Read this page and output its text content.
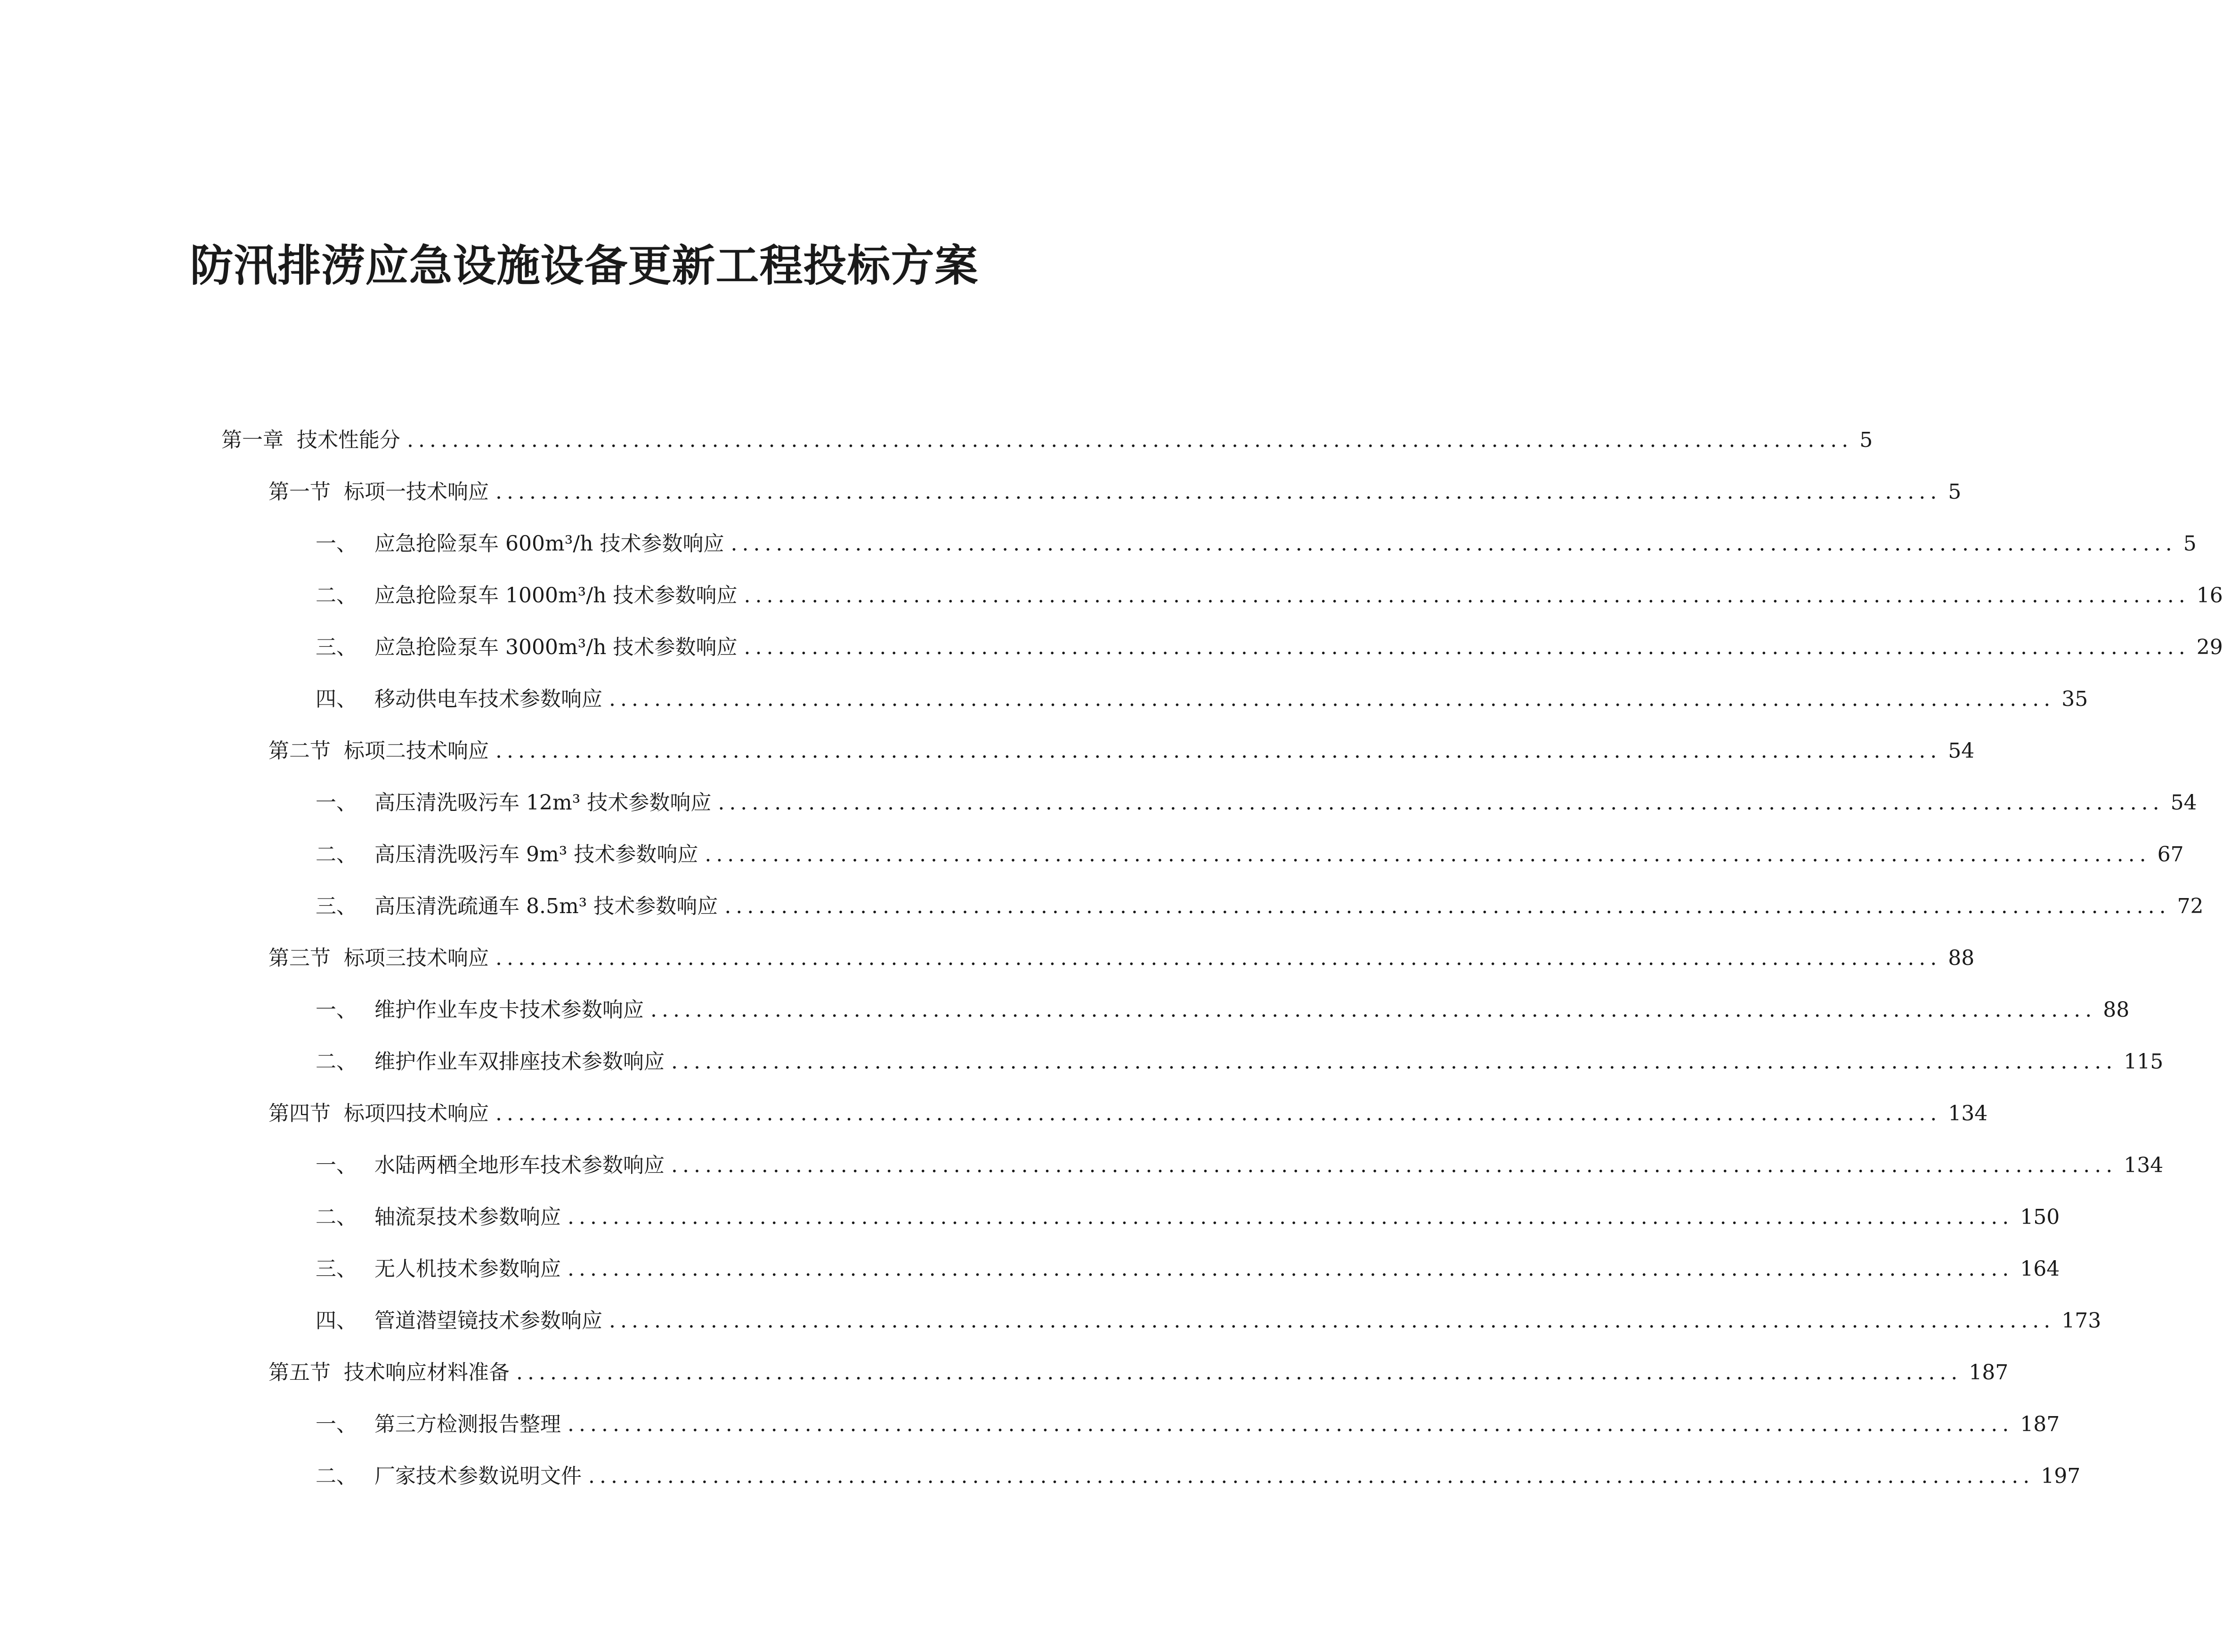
防汛排涝应急设施设备更新工程投标方案
第一章 技术性能分 ................................................................................................................................ 5
第一节 标项一技术响应 ................................................................................................................................ 5
一、 应急抢险泵车 600m³/h 技术参数响应 ................................................................................................................................ 5
二、 应急抢险泵车 1000m³/h 技术参数响应 ................................................................................................................................ 16
三、 应急抢险泵车 3000m³/h 技术参数响应 ................................................................................................................................ 29
四、 移动供电车技术参数响应 ................................................................................................................................ 35
第二节 标项二技术响应 ................................................................................................................................ 54
一、 高压清洗吸污车 12m³ 技术参数响应 ................................................................................................................................ 54
二、 高压清洗吸污车 9m³ 技术参数响应 ................................................................................................................................ 67
三、 高压清洗疏通车 8.5m³ 技术参数响应 ................................................................................................................................ 72
第三节 标项三技术响应 ................................................................................................................................ 88
一、 维护作业车皮卡技术参数响应 ................................................................................................................................ 88
二、 维护作业车双排座技术参数响应 ................................................................................................................................ 115
第四节 标项四技术响应 ................................................................................................................................ 134
一、 水陆两栖全地形车技术参数响应 ................................................................................................................................ 134
二、 轴流泵技术参数响应 ................................................................................................................................ 150
三、 无人机技术参数响应 ................................................................................................................................ 164
四、 管道潜望镜技术参数响应 ................................................................................................................................ 173
第五节 技术响应材料准备 ................................................................................................................................ 187
一、 第三方检测报告整理 ................................................................................................................................ 187
二、 厂家技术参数说明文件 ................................................................................................................................ 197
